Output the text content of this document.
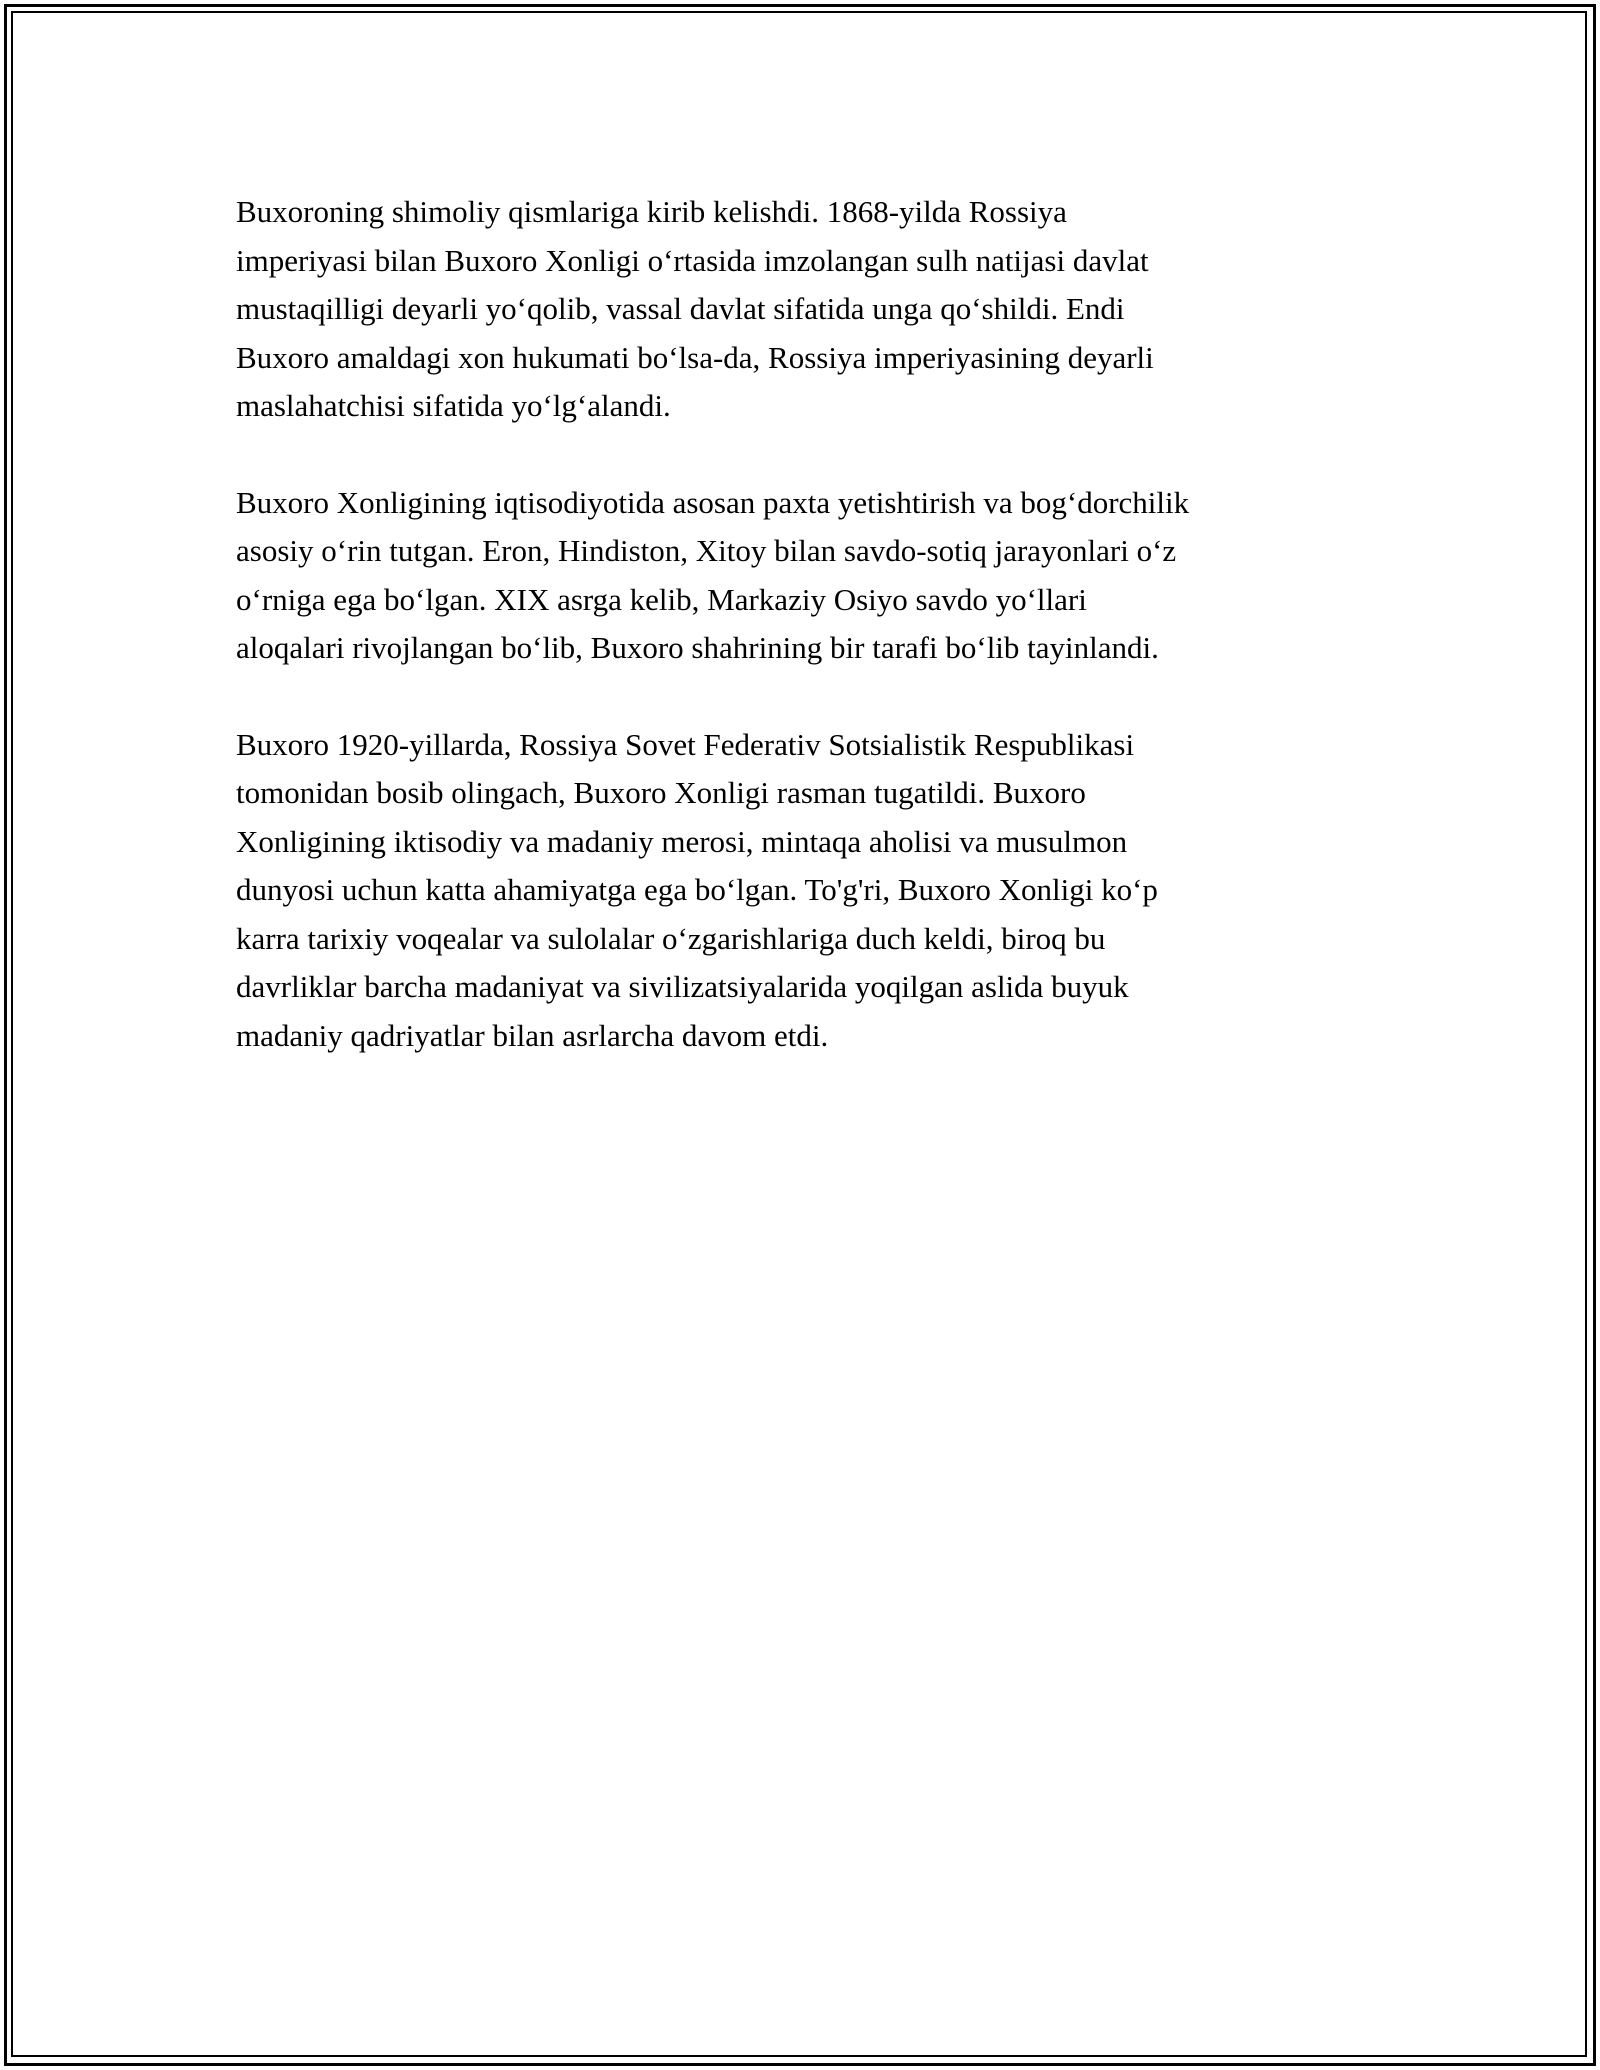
Buxoroning shimoliy qismlariga kirib kelishdi. 1868-yilda Rossiya
imperiyasi bilan Buxoro Xonligi o‘rtasida imzolangan sulh natijasi davlat
mustaqilligi deyarli yo‘qolib, vassal davlat sifatida unga qo‘shildi. Endi
Buxoro amaldagi xon hukumati bo‘lsa-da, Rossiya imperiyasining deyarli
maslahatchisi sifatida yo‘lg‘alandi.

Buxoro Xonligining iqtisodiyotida asosan paxta yetishtirish va bog‘dorchilik
asosiy o‘rin tutgan. Eron, Hindiston, Xitoy bilan savdo-sotiq jarayonlari o‘z
o‘rniga ega bo‘lgan. XIX asrga kelib, Markaziy Osiyo savdo yo‘llari
aloqalari rivojlangan bo‘lib, Buxoro shahrining bir tarafi bo‘lib tayinlandi.

Buxoro 1920-yillarda, Rossiya Sovet Federativ Sotsialistik Respublikasi
tomonidan bosib olingach, Buxoro Xonligi rasman tugatildi. Buxoro
Xonligining iktisodiy va madaniy merosi, mintaqa aholisi va musulmon
dunyosi uchun katta ahamiyatga ega bo‘lgan. To'g'ri, Buxoro Xonligi ko‘p
karra tarixiy voqealar va sulolalar o‘zgarishlariga duch keldi, biroq bu
davrliklar barcha madaniyat va sivilizatsiyalarida yoqilgan aslida buyuk
madaniy qadriyatlar bilan asrlarcha davom etdi.
